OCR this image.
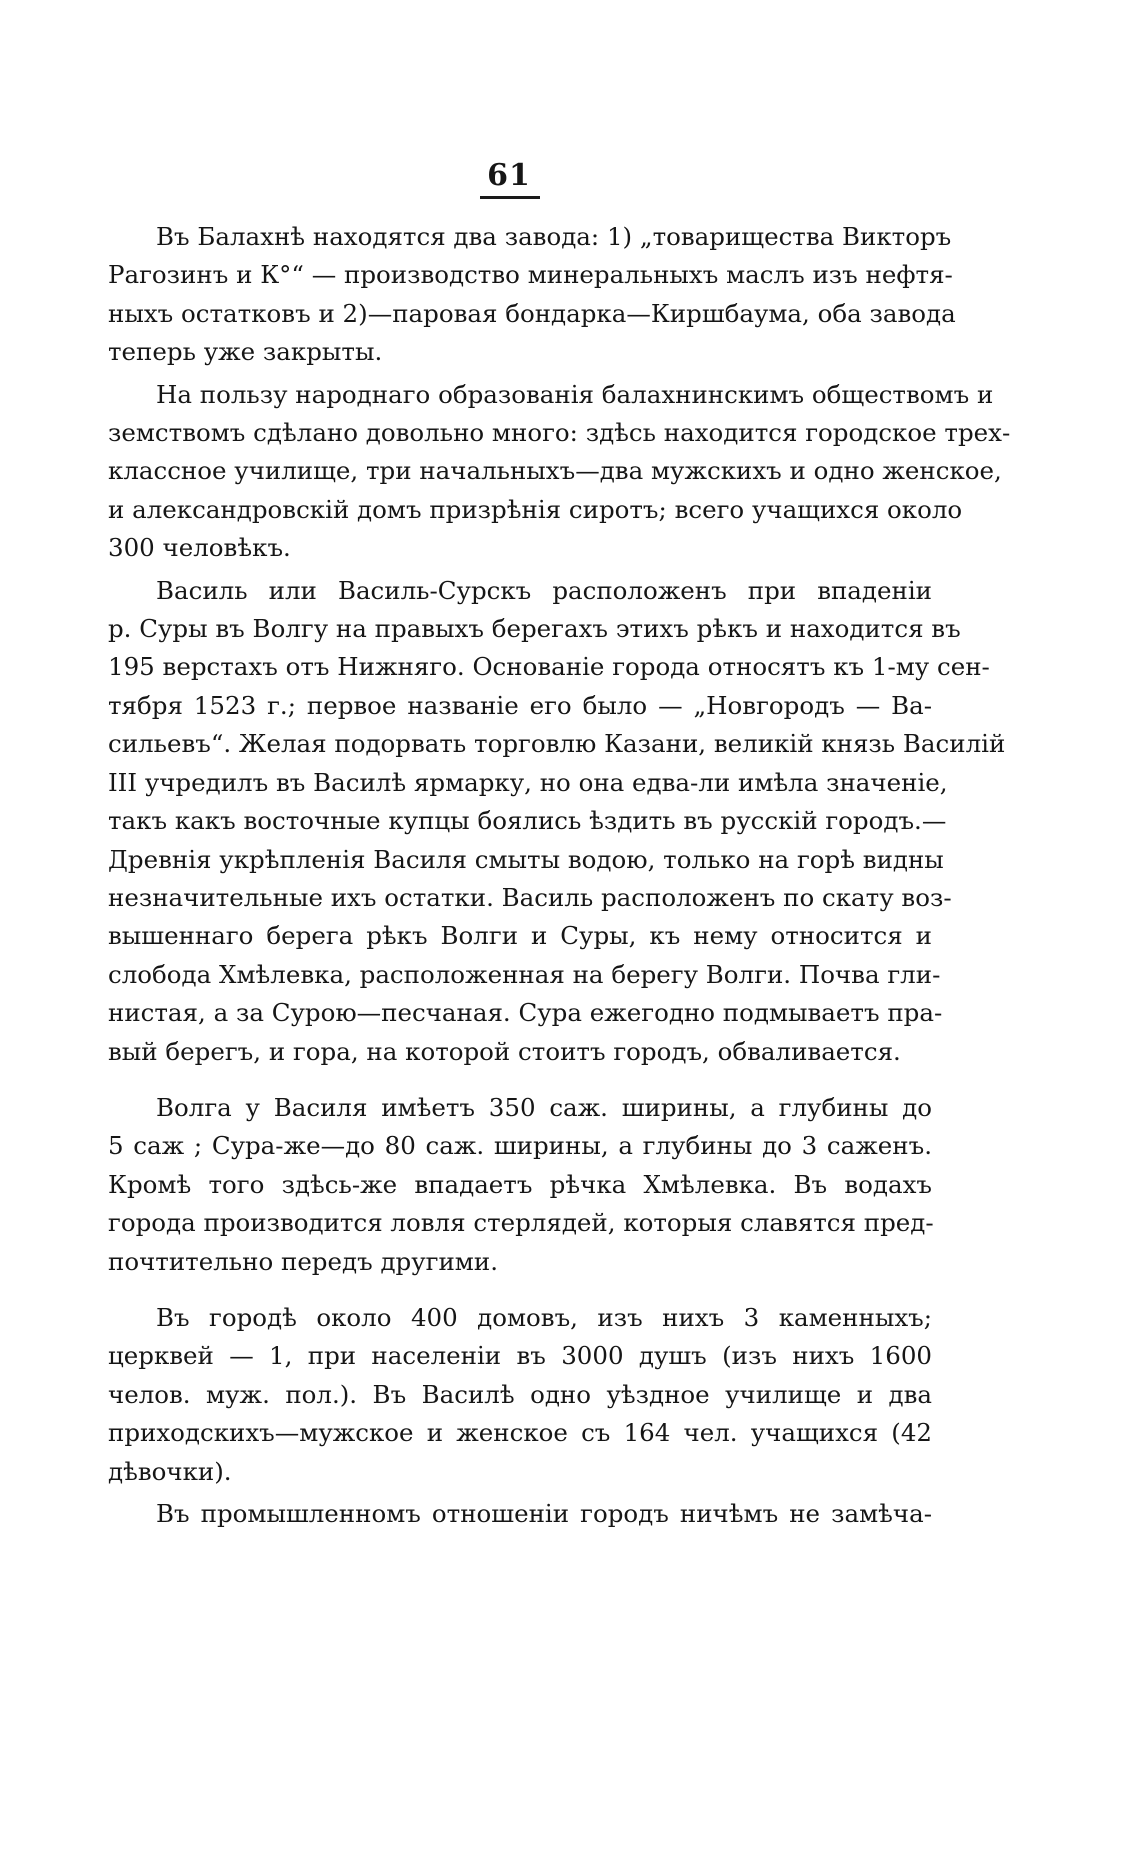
61

Въ Балахнѣ находятся два завода: 1) „товарищества Викторъ
Рагозинъ и К°“ — производство минеральныхъ маслъ изъ нефтя-
ныхъ остатковъ и 2)—паровая бондарка—Киршбаума, оба завода
теперь уже закрыты.

На пользу народнаго образованія балахнинскимъ обществомъ и
земствомъ сдѣлано довольно много: здѣсь находится городское трех-
классное училище, три начальныхъ—два мужскихъ и одно женское,
и александровскій домъ призрѣнія сиротъ; всего учащихся около
300 человѣкъ.

Василь или Василь-Сурскъ расположенъ при впаденіи
р. Суры въ Волгу на правыхъ берегахъ этихъ рѣкъ и находится въ
195 верстахъ отъ Нижняго. Основаніе города относятъ къ 1-му сен-
тября 1523 г.; первое названіе его было — „Новгородъ — Ва-
сильевъ“. Желая подорвать торговлю Казани, великій князь Василій
III учредилъ въ Василѣ ярмарку, но она едва-ли имѣла значеніе,
такъ какъ восточные купцы боялись ѣздить въ русскій городъ.—
Древнія укрѣпленія Василя смыты водою, только на горѣ видны
незначительные ихъ остатки. Василь расположенъ по скату воз-
вышеннаго берега рѣкъ Волги и Суры, къ нему относится и
слобода Хмѣлевка, расположенная на берегу Волги. Почва гли-
нистая, а за Сурою—песчаная. Сура ежегодно подмываетъ пра-
вый берегъ, и гора, на которой стоитъ городъ, обваливается.

Волга у Василя имѣетъ 350 саж. ширины, а глубины до
5 саж ; Сура-же—до 80 саж. ширины, а глубины до 3 саженъ.
Кромѣ того здѣсь-же впадаетъ рѣчка Хмѣлевка. Въ водахъ
города производится ловля стерлядей, которыя славятся пред-
почтительно передъ другими.

Въ городѣ около 400 домовъ, изъ нихъ 3 каменныхъ;
церквей — 1, при населеніи въ 3000 душъ (изъ нихъ 1600
челов. муж. пол.). Въ Василѣ одно уѣздное училище и два
приходскихъ—мужское и женское съ 164 чел. учащихся (42
дѣвочки).

Въ промышленномъ отношеніи городъ ничѣмъ не замѣча-
